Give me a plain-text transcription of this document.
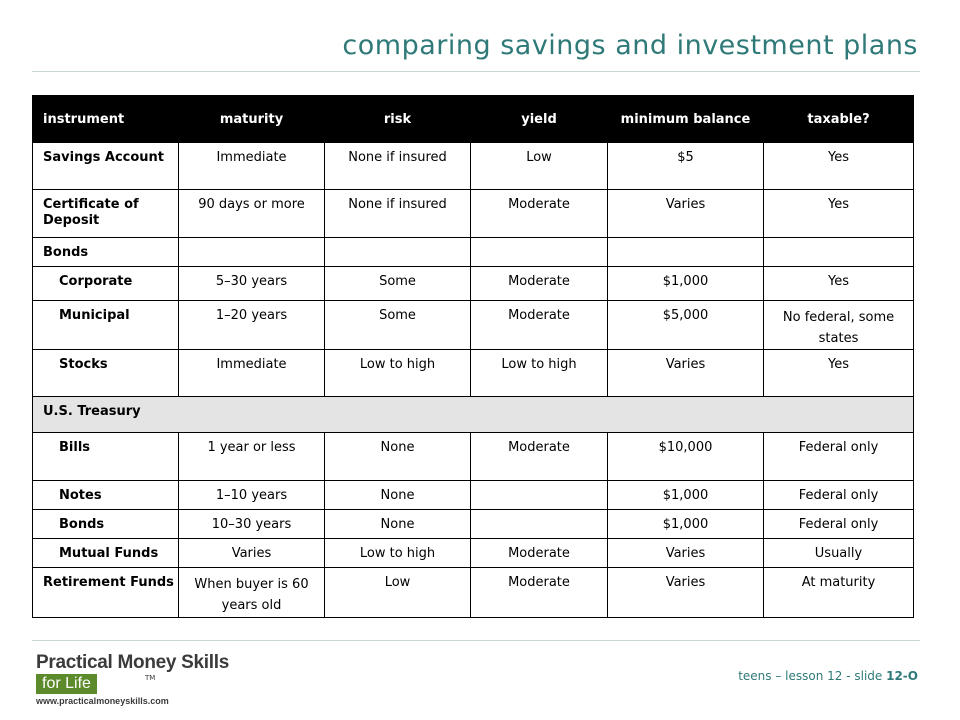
comparing savings and investment plans
instrument	maturity	risk	yield	minimum balance	taxable?
Savings Account	Immediate	None if insured	Low	$5	Yes
Certificate of Deposit	90 days or more	None if insured	Moderate	Varies	Yes
Bonds					
Corporate	5–30 years	Some	Moderate	$1,000	Yes
Municipal	1–20 years	Some	Moderate	$5,000	No federal, some states
Stocks	Immediate	Low to high	Low to high	Varies	Yes
U.S. Treasury					
Bills	1 year or less	None	Moderate	$10,000	Federal only
Notes	1–10 years	None		$1,000	Federal only
Bonds	10–30 years	None		$1,000	Federal only
Mutual Funds	Varies	Low to high	Moderate	Varies	Usually
Retirement Funds	When buyer is 60 years old	Low	Moderate	Varies	At maturity
Practical Money Skills
for Life	TM
www.practicalmoneyskills.com
teens – lesson 12 - slide 12-O
